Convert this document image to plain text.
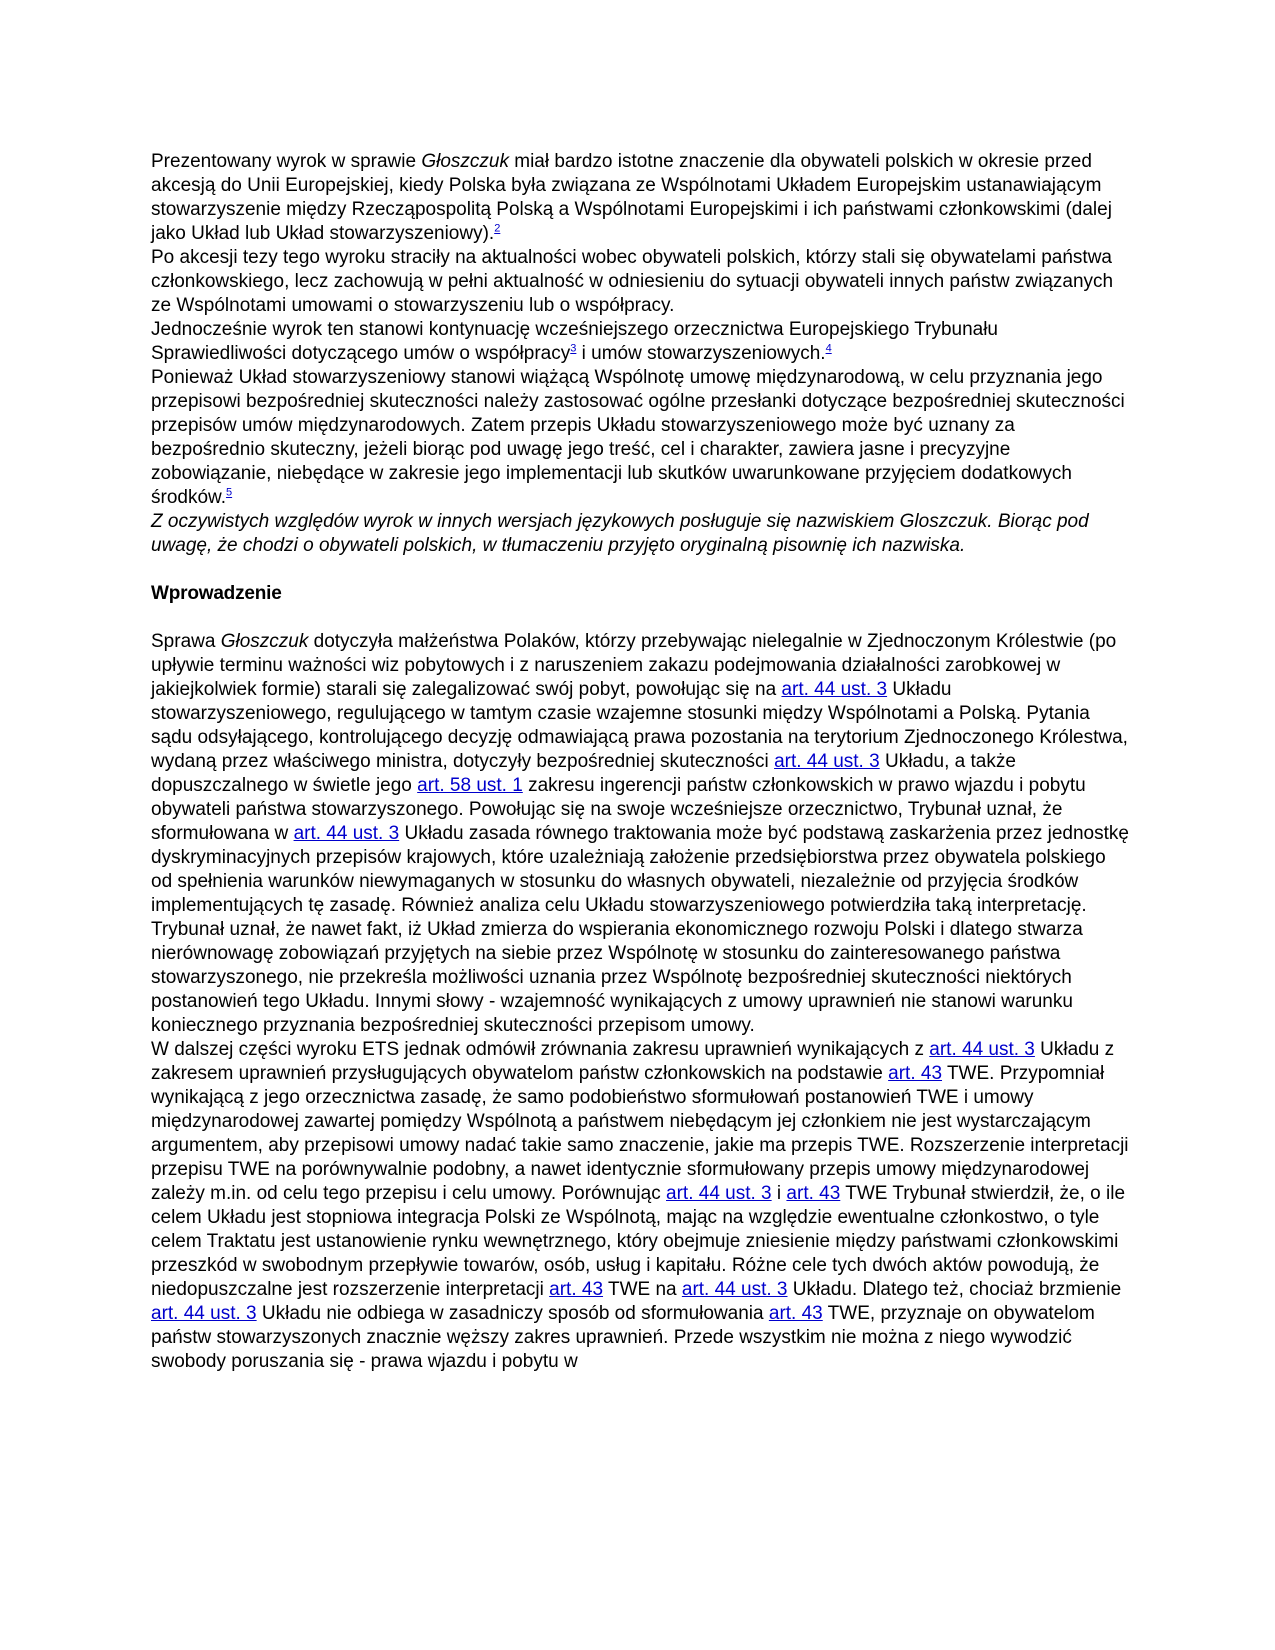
Prezentowany wyrok w sprawie Głoszczuk miał bardzo istotne znaczenie dla obywateli polskich w okresie przed akcesją do Unii Europejskiej, kiedy Polska była związana ze Wspólnotami Układem Europejskim ustanawiającym stowarzyszenie między Rzecząpospolitą Polską a Wspólnotami Europejskimi i ich państwami członkowskimi (dalej jako Układ lub Układ stowarzyszeniowy).$^2$

Po akcesji tezy tego wyroku straciły na aktualności wobec obywateli polskich, którzy stali się obywatelami państwa członkowskiego, lecz zachowują w pełni aktualność w odniesieniu do sytuacji obywateli innych państw związanych ze Wspólnotami umowami o stowarzyszeniu lub o współpracy.

Jednocześnie wyrok ten stanowi kontynuację wcześniejszego orzecznictwa Europejskiego Trybunału Sprawiedliwości dotyczącego umów o współpracy$^3$ i umów stowarzyszeniowych.$^4$

Ponieważ Układ stowarzyszeniowy stanowi wiążącą Wspólnotę umowę międzynarodową, w celu przyznania jego przepisowi bezpośredniej skuteczności należy zastosować ogólne przesłanki dotyczące bezpośredniej skuteczności przepisów umów międzynarodowych. Zatem przepis Układu stowarzyszeniowego może być uznany za bezpośrednio skuteczny, jeżeli biorąc pod uwagę jego treść, cel i charakter, zawiera jasne i precyzyjne zobowiązanie, niebędące w zakresie jego implementacji lub skutków uwarunkowane przyjęciem dodatkowych środków.$^5$

Z oczywistych względów wyrok w innych wersjach językowych posługuje się nazwiskiem Gloszczuk. Biorąc pod uwagę, że chodzi o obywateli polskich, w tłumaczeniu przyjęto oryginalną pisownię ich nazwiska.

Wprowadzenie

Sprawa Głoszczuk dotyczyła małżeństwa Polaków, którzy przebywając nielegalnie w Zjednoczonym Królestwie (po upływie terminu ważności wiz pobytowych i z naruszeniem zakazu podejmowania działalności zarobkowej w jakiejkolwiek formie) starali się zalegalizować swój pobyt, powołując się na art. 44 ust. 3 Układu stowarzyszeniowego, regulującego w tamtym czasie wzajemne stosunki między Wspólnotami a Polską. Pytania sądu odsyłającego, kontrolującego decyzję odmawiającą prawa pozostania na terytorium Zjednoczonego Królestwa, wydaną przez właściwego ministra, dotyczyły bezpośredniej skuteczności art. 44 ust. 3 Układu, a także dopuszczalnego w świetle jego art. 58 ust. 1 zakresu ingerencji państw członkowskich w prawo wjazdu i pobytu obywateli państwa stowarzyszonego. Powołując się na swoje wcześniejsze orzecznictwo, Trybunał uznał, że sformułowana w art. 44 ust. 3 Układu zasada równego traktowania może być podstawą zaskarżenia przez jednostkę dyskryminacyjnych przepisów krajowych, które uzależniają założenie przedsiębiorstwa przez obywatela polskiego od spełnienia warunków niewymaganych w stosunku do własnych obywateli, niezależnie od przyjęcia środków implementujących tę zasadę. Również analiza celu Układu stowarzyszeniowego potwierdziła taką interpretację. Trybunał uznał, że nawet fakt, iż Układ zmierza do wspierania ekonomicznego rozwoju Polski i dlatego stwarza nierównowagę zobowiązań przyjętych na siebie przez Wspólnotę w stosunku do zainteresowanego państwa stowarzyszonego, nie przekreśla możliwości uznania przez Wspólnotę bezpośredniej skuteczności niektórych postanowień tego Układu. Innymi słowy - wzajemność wynikających z umowy uprawnień nie stanowi warunku koniecznego przyznania bezpośredniej skuteczności przepisom umowy.

W dalszej części wyroku ETS jednak odmówił zrównania zakresu uprawnień wynikających z art. 44 ust. 3 Układu z zakresem uprawnień przysługujących obywatelom państw członkowskich na podstawie art. 43 TWE. Przypomniał wynikającą z jego orzecznictwa zasadę, że samo podobieństwo sformułowań postanowień TWE i umowy międzynarodowej zawartej pomiędzy Wspólnotą a państwem niebędącym jej członkiem nie jest wystarczającym argumentem, aby przepisowi umowy nadać takie samo znaczenie, jakie ma przepis TWE. Rozszerzenie interpretacji przepisu TWE na porównywalnie podobny, a nawet identycznie sformułowany przepis umowy międzynarodowej zależy m.in. od celu tego przepisu i celu umowy. Porównując art. 44 ust. 3 i art. 43 TWE Trybunał stwierdził, że, o ile celem Układu jest stopniowa integracja Polski ze Wspólnotą, mając na względzie ewentualne członkostwo, o tyle celem Traktatu jest ustanowienie rynku wewnętrznego, który obejmuje zniesienie między państwami członkowskimi przeszkód w swobodnym przepływie towarów, osób, usług i kapitału. Różne cele tych dwóch aktów powodują, że niedopuszczalne jest rozszerzenie interpretacji art. 43 TWE na art. 44 ust. 3 Układu. Dlatego też, chociaż brzmienie art. 44 ust. 3 Układu nie odbiega w zasadniczy sposób od sformułowania art. 43 TWE, przyznaje on obywatelom państw stowarzyszonych znacznie węższy zakres uprawnień. Przede wszystkim nie można z niego wywodzić swobody poruszania się - prawa wjazdu i pobytu w
